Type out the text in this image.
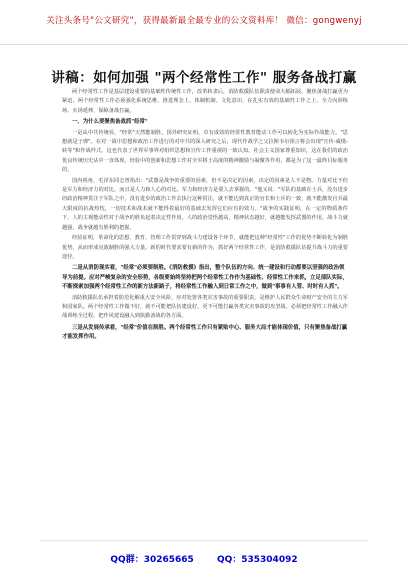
关注头条号"公文研究"，获得最新最全最专业的公文资料库！ 微信：gongwenyj
讲稿：如何加强 "两个经常性工作" 服务备战打赢

两个经常性工作是基层建设重要的基础性传统性工作，改革转隶后，消防救援队伍职责使命大幅拓展、聚焦备战打赢更为紧迫。两个经常性工作必须强化系统思维、推进理念上、体制机制、文化意识，在扎实有效的基础性工作之上，全力向训练场、火场延伸，保障备战打赢。

一、为什么要聚焦备战抓"经常"

一是从中共传统看，"经常"天然能制胜。国外研究证明，卓有成效的经常性教育能动工作可以转化为实际作战能力。"思想就是子弹"。在对一战中思想和政治工作进行的对中共的深入研究之后，现代作战学之父拉斯韦尔预言将会出现"宣传-威慑-转等"和作战样式。这也代表了世界军事界对组织思想和宣传工作重视的一致认知。社会主义国家尊重知识，这在我们的政治优良传统历史从中一直体现，经验中的创新和思想工作对全军将士高度的精神激励与凝聚等作用，都是为了这一最终目标服务的。

国内视角，毛泽东同志曾指出："武器是战争的重要的因素，但不是决定的因素，决定的因素是人不是物。力量对比不但是军力和经济力的对比，而且是人力和人心的对比。军力和经济力是要人去掌握的。"他又说："军队的基础在士兵，没有进步的政治精神贯注于军队之中，没有进步的政治工作去执行这种贯注，就不能达到真正的官长和士兵的一致，就不能激发官兵最大限度的抗战热忱，一切技术和战术就不能得着最好的基础去发挥它们应有的效力。"战争的实践证明，在一定的物质条件下，人的主观能动性对于战争的胜负起着决定性作用。人的政治觉悟越高，精神状态越好，就越能发挥武器的作用，战斗力就越强，战争就越有胜利的把握。

经验证明，革命化的思想、教育、管理工作贯穿到战斗力建设各个环节，就能把这种"经常性"工作的优势不断转化为制胜优势，从而形成克敌制胜的强大力量。新的时代要求要有新的作为，抓好两个经常性工作，是消防救援队伍提升战斗力的重要途径。

二是从消防现实看，"经常"必须要制胜。《消防救援》指出，整个队伍的方向、统一建设和行动都要以坚强的政治领导为前提。应对严峻复杂的安全形势，各级要始终坚持把两个经常性工作作为基础性、经常性工作来抓，立足部队实际，不断探索加强两个经常性工作的新方法新路子，将经常性工作融入到日常工作之中，做到"事事有人管、时时有人抓"。

消防救援队伍承担着防范化解重大安全风险、应对处置各类灾害事故的重要职责，是维护人民群众生命财产安全的主力军和国家队。两个经常性工作做不好，就不可能把队伍建设好，更不可能打赢各类灾害事故的攻坚战。必须把经常性工作融入作战训练全过程，把作风建设融入到执勤备战的各方面。

三是从发展传承看，"经常"价值在制胜。两个经常性工作只有紧贴中心、服务大局才能体现价值，只有聚焦备战打赢才能发挥作用。

QQ群：30265665	QQ：535304092
